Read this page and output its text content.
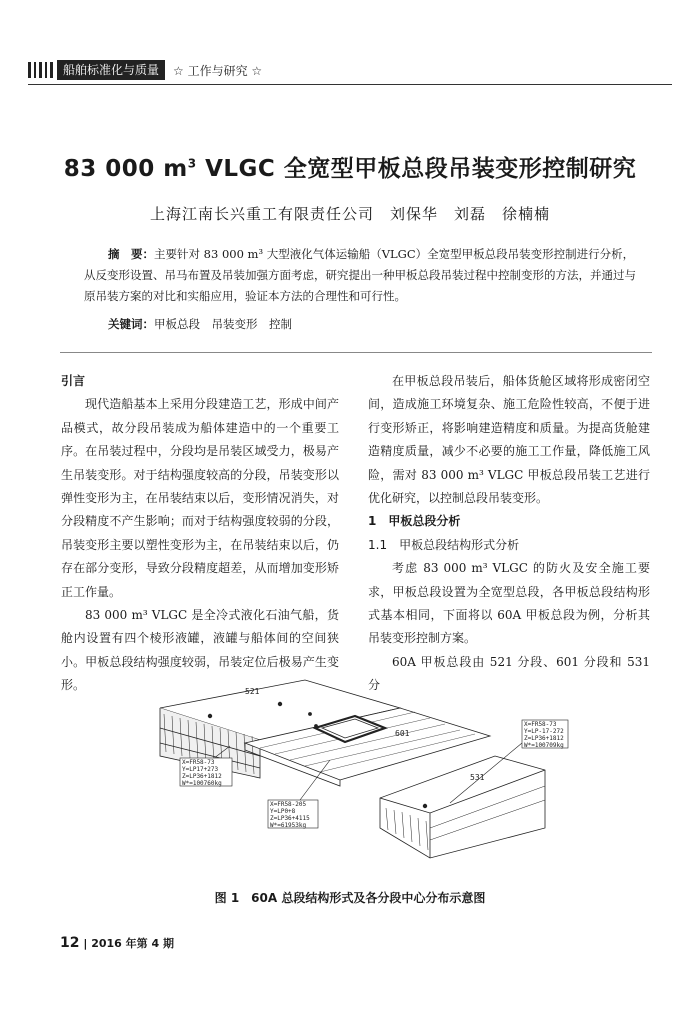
船舶标准化与质量	☆ 工作与研究 ☆
83 000 $m^3$ VLGC 全宽型甲板总段吊装变形控制研究
上海江南长兴重工有限责任公司　刘保华　刘磊　徐楠楠
摘　要：主要针对 83 000 m³ 大型液化气体运输船（VLGC）全宽型甲板总段吊装变形控制进行分析，从反变形设置、吊马布置及吊装加强方面考虑，研究提出一种甲板总段吊装过程中控制变形的方法，并通过与原吊装方案的对比和实船应用，验证本方法的合理性和可行性。
关键词：甲板总段　吊装变形　控制
引言

现代造船基本上采用分段建造工艺，形成中间产品模式，故分段吊装成为船体建造中的一个重要工序。在吊装过程中，分段均是吊装区域受力，极易产生吊装变形。对于结构强度较高的分段，吊装变形以弹性变形为主，在吊装结束以后，变形情况消失，对分段精度不产生影响；而对于结构强度较弱的分段，吊装变形主要以塑性变形为主，在吊装结束以后，仍存在部分变形，导致分段精度超差，从而增加变形矫正工作量。

83 000 m³ VLGC 是全冷式液化石油气船，货舱内设置有四个棱形液罐，液罐与船体间的空间狭小。甲板总段结构强度较弱，吊装定位后极易产生变形。

在甲板总段吊装后，船体货舱区域将形成密闭空间，造成施工环境复杂、施工危险性较高，不便于进行变形矫正，将影响建造精度和质量。为提高货舱建造精度质量，减少不必要的施工工作量，降低施工风险，需对 83 000 m³ VLGC 甲板总段吊装工艺进行优化研究，以控制总段吊装变形。

1　甲板总段分析
1.1　甲板总段结构形式分析

考虑 83 000 m³ VLGC 的防火及安全施工要求，甲板总段设置为全宽型总段，各甲板总段结构形式基本相同，下面将以 60A 甲板总段为例，分析其吊装变形控制方案。

60A 甲板总段由 521 分段、601 分段和 531 分

521
601
531
X=FR58-73
Y=LP17+273
Z=LP36+1812
W*=100760kg
X=FR58-205
Y=LP0+8
Z=LP36+4115
W*=61953kg
X=FR58-73
Y=LP-17-272
Z=LP36+1812
W*=100709kg
图 1　60A 总段结构形式及各分段中心分布示意图
12 | 2016 年第 4 期
